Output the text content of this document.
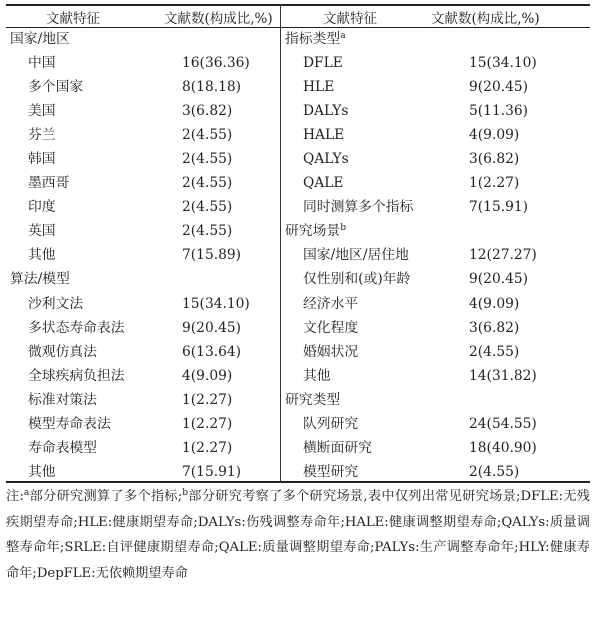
文献特征	文献数(构成比,%)
国家/地区
中国	16(36.36)
多个国家	8(18.18)
美国	3(6.82)
芬兰	2(4.55)
韩国	2(4.55)
墨西哥	2(4.55)
印度	2(4.55)
英国	2(4.55)
其他	7(15.89)
算法/模型
沙利文法	15(34.10)
多状态寿命表法	9(20.45)
微观仿真法	6(13.64)
全球疾病负担法	4(9.09)
标准对策法	1(2.27)
模型寿命表法	1(2.27)
寿命表模型	1(2.27)
其他	7(15.91)
文献特征	文献数(构成比,%)
指标类型$^a$
DFLE	15(34.10)
HLE	9(20.45)
DALYs	5(11.36)
HALE	4(9.09)
QALYs	3(6.82)
QALE	1(2.27)
同时测算多个指标	7(15.91)
研究场景$^b$
国家/地区/居住地	12(27.27)
仅性别和(或)年龄	9(20.45)
经济水平	4(9.09)
文化程度	3(6.82)
婚姻状况	2(4.55)
其他	14(31.82)
研究类型
队列研究	24(54.55)
横断面研究	18(40.90)
模型研究	2(4.55)

注:$^a$部分研究测算了多个指标;$^b$部分研究考察了多个研究场景,表中仅列出常见研究场景;DFLE:无残疾期望寿命;HLE:健康期望寿命;DALYs:伤残调整寿命年;HALE:健康调整期望寿命;QALYs:质量调整寿命年;SRLE:自评健康期望寿命;QALE:质量调整期望寿命;PALYs:生产调整寿命年;HLY:健康寿命年;DepFLE:无依赖期望寿命
